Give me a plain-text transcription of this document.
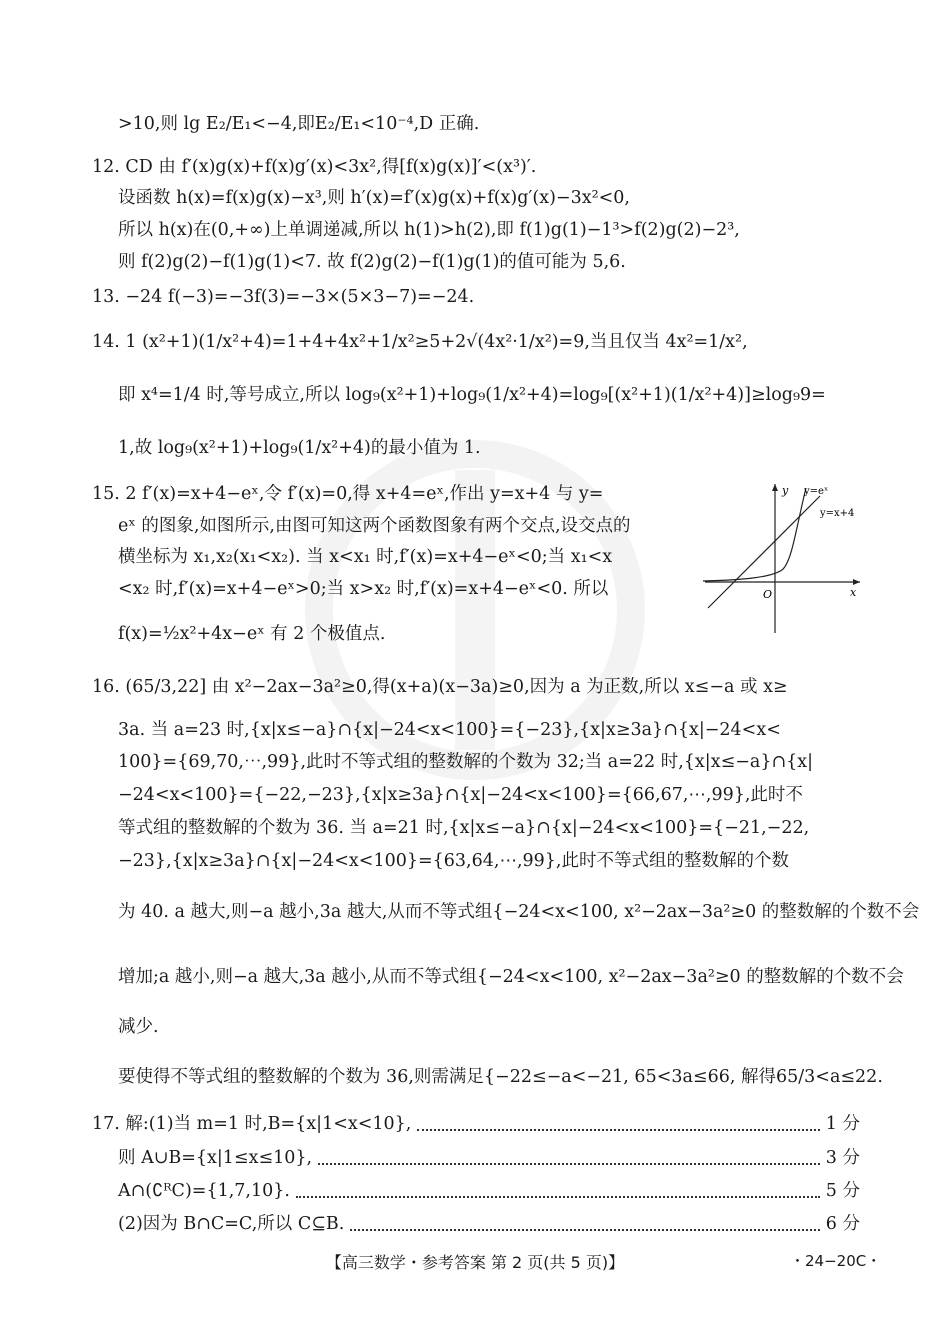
>10,则 lg E₂/E₁<−4,即E₂/E₁<10⁻⁴,D 正确.
12. CD 由 f′(x)g(x)+f(x)g′(x)<3x²,得[f(x)g(x)]′<(x³)′.
设函数 h(x)=f(x)g(x)−x³,则 h′(x)=f′(x)g(x)+f(x)g′(x)−3x²<0,
所以 h(x)在(0,+∞)上单调递减,所以 h(1)>h(2),即 f(1)g(1)−1³>f(2)g(2)−2³,
则 f(2)g(2)−f(1)g(1)<7. 故 f(2)g(2)−f(1)g(1)的值可能为 5,6.
13. −24 f(−3)=−3f(3)=−3×(5×3−7)=−24.
14. 1 (x²+1)(1/x²+4)=1+4+4x²+1/x²≥5+2√(4x²·1/x²)=9,当且仅当 4x²=1/x²,
即 x⁴=1/4 时,等号成立,所以 log₉(x²+1)+log₉(1/x²+4)=log₉[(x²+1)(1/x²+4)]≥log₉9=
1,故 log₉(x²+1)+log₉(1/x²+4)的最小值为 1.
15. 2 f′(x)=x+4−eˣ,令 f′(x)=0,得 x+4=eˣ,作出 y=x+4 与 y=
eˣ 的图象,如图所示,由图可知这两个函数图象有两个交点,设交点的
横坐标为 x₁,x₂(x₁<x₂). 当 x<x₁ 时,f′(x)=x+4−eˣ<0;当 x₁<x
<x₂ 时,f′(x)=x+4−eˣ>0;当 x>x₂ 时,f′(x)=x+4−eˣ<0. 所以
f(x)=½x²+4x−eˣ 有 2 个极值点.
y
x
O
y=eˣ
y=x+4
16. (65/3,22] 由 x²−2ax−3a²≥0,得(x+a)(x−3a)≥0,因为 a 为正数,所以 x≤−a 或 x≥
3a. 当 a=23 时,{x|x≤−a}∩{x|−24<x<100}={−23},{x|x≥3a}∩{x|−24<x<
100}={69,70,⋯,99},此时不等式组的整数解的个数为 32;当 a=22 时,{x|x≤−a}∩{x|
−24<x<100}={−22,−23},{x|x≥3a}∩{x|−24<x<100}={66,67,⋯,99},此时不
等式组的整数解的个数为 36. 当 a=21 时,{x|x≤−a}∩{x|−24<x<100}={−21,−22,
−23},{x|x≥3a}∩{x|−24<x<100}={63,64,⋯,99},此时不等式组的整数解的个数
为 40. a 越大,则−a 越小,3a 越大,从而不等式组{−24<x<100, x²−2ax−3a²≥0 的整数解的个数不会
增加;a 越小,则−a 越大,3a 越小,从而不等式组{−24<x<100, x²−2ax−3a²≥0 的整数解的个数不会
减少.
要使得不等式组的整数解的个数为 36,则需满足{−22≤−a<−21, 65<3a≤66, 解得65/3<a≤22.
17. 解:(1)当 m=1 时,B={x|1<x<10},	1 分
则 A∪B={x|1≤x≤10},	3 分
A∩(∁ᴿC)={1,7,10}.	5 分
(2)因为 B∩C=C,所以 C⊆B.	6 分
【高三数学・参考答案 第 2 页(共 5 页)】	・24−20C・
